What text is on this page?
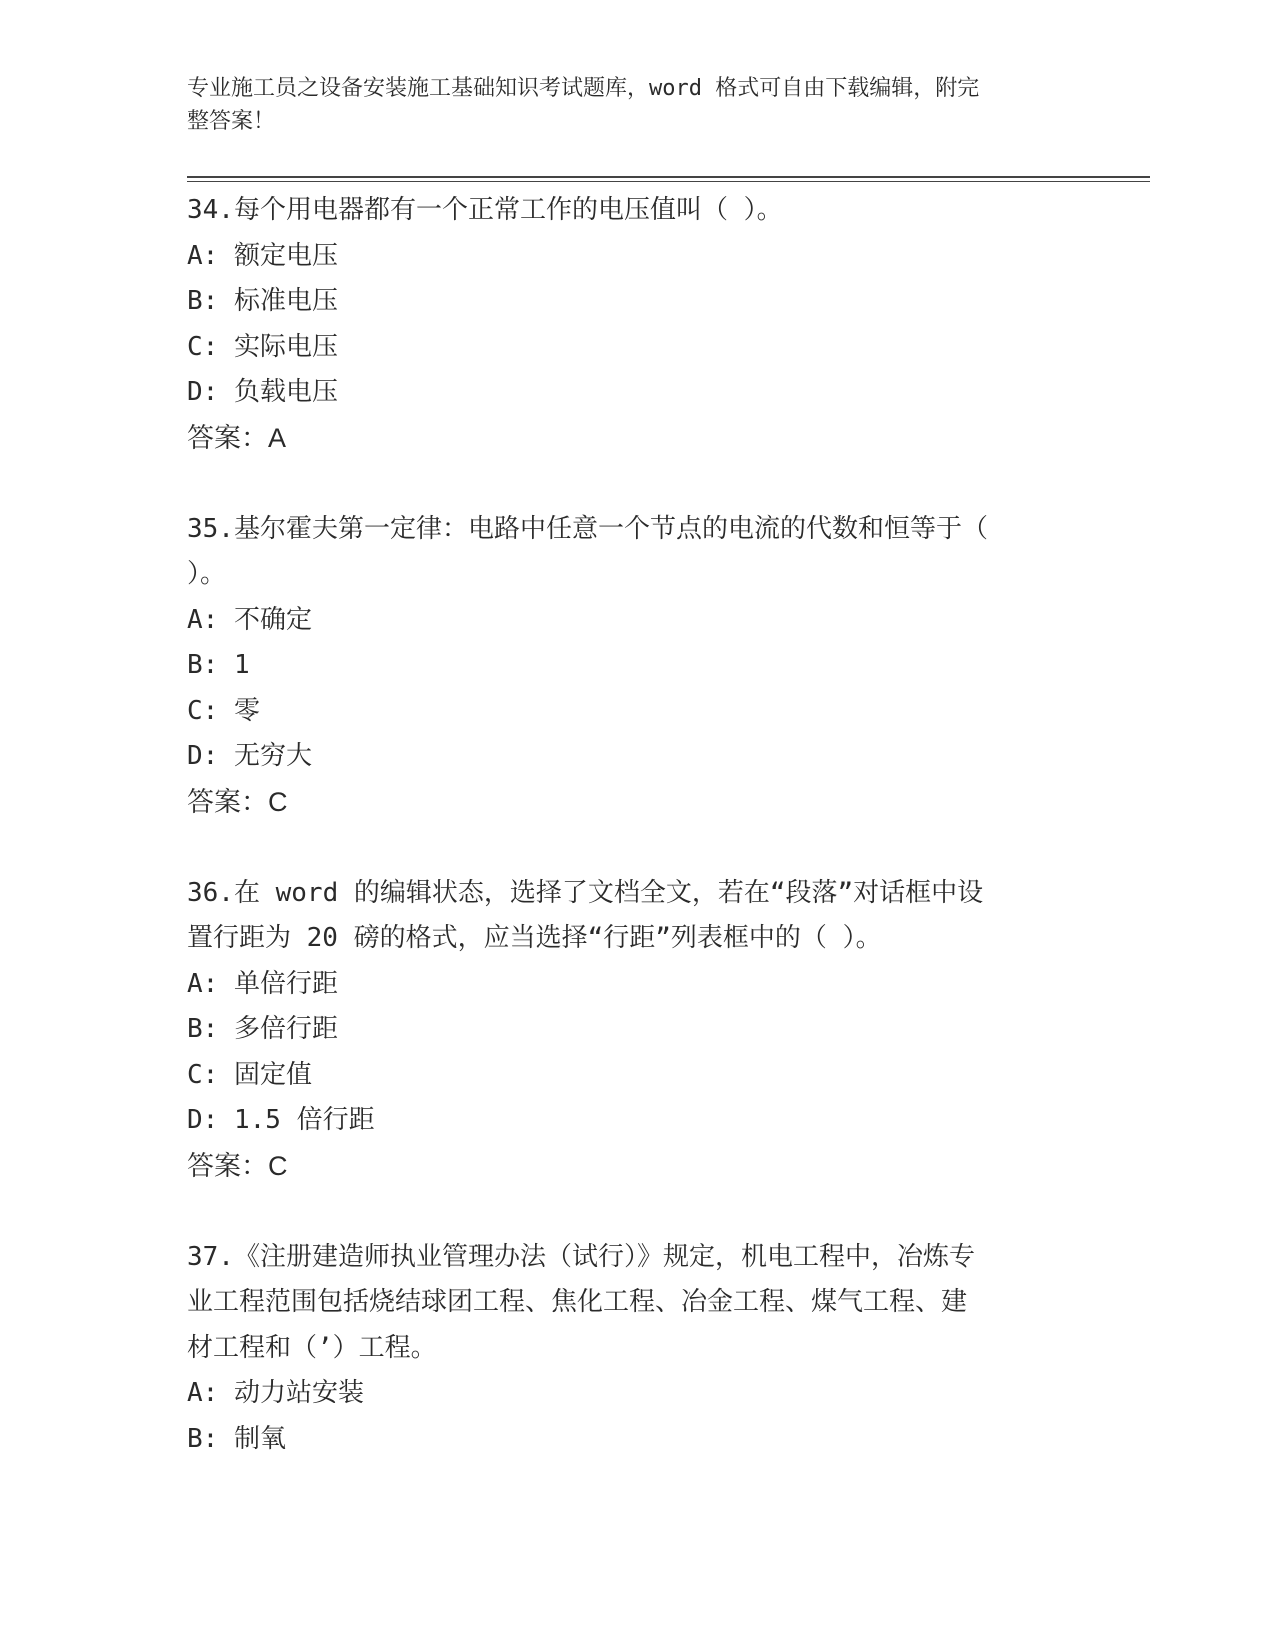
专业施工员之设备安装施工基础知识考试题库，word 格式可自由下载编辑，附完
整答案！
34.每个用电器都有一个正常工作的电压值叫（ ）。
A: 额定电压
B: 标准电压
C: 实际电压
D: 负载电压
答案：A
35.基尔霍夫第一定律：电路中任意一个节点的电流的代数和恒等于（
）。
A: 不确定
B: 1
C: 零
D: 无穷大
答案：C
36.在 word 的编辑状态，选择了文档全文，若在“段落”对话框中设
置行距为 20 磅的格式，应当选择“行距”列表框中的（ ）。
A: 单倍行距
B: 多倍行距
C: 固定值
D: 1.5 倍行距
答案：C
37.《注册建造师执业管理办法（试行）》规定，机电工程中，冶炼专
业工程范围包括烧结球团工程、焦化工程、冶金工程、煤气工程、建
材工程和（’）工程。
A: 动力站安装
B: 制氧
